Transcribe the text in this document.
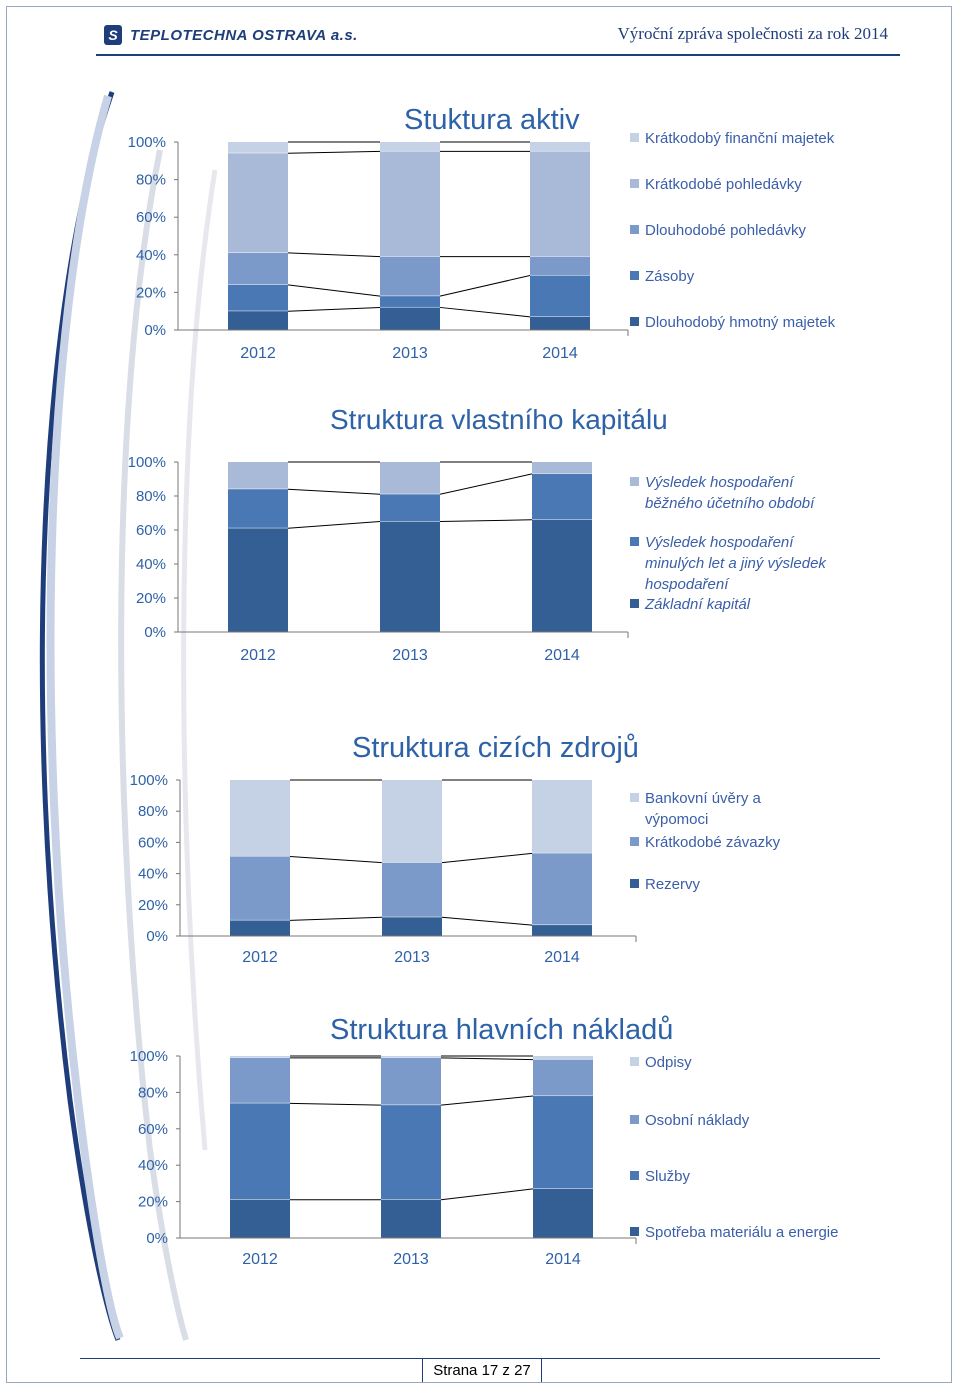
S TEPLOTECHNA OSTRAVA a.s.	Výroční zpráva společnosti za rok 2014
0%
20%
40%
60%
80%
100%
2012	2013	2014
Stuktura aktiv
Krátkodobý finanční majetek
Krátkodobé pohledávky
Dlouhodobé pohledávky
Zásoby
Dlouhodobý hmotný majetek
0%
20%
40%
60%
80%
100%
2012	2013	2014
Struktura vlastního kapitálu
Výsledek hospodaření běžného účetního období
Výsledek hospodaření minulých let a jiný výsledek hospodaření
Základní kapitál
0%
20%
40%
60%
80%
100%
2012	2013	2014
Struktura cizích zdrojů
Bankovní úvěry a výpomoci
Krátkodobé závazky
Rezervy
0%
20%
40%
60%
80%
100%
2012	2013	2014
Struktura hlavních nákladů
Odpisy
Osobní náklady
Služby
Spotřeba materiálu a energie
Strana 17 z 27
